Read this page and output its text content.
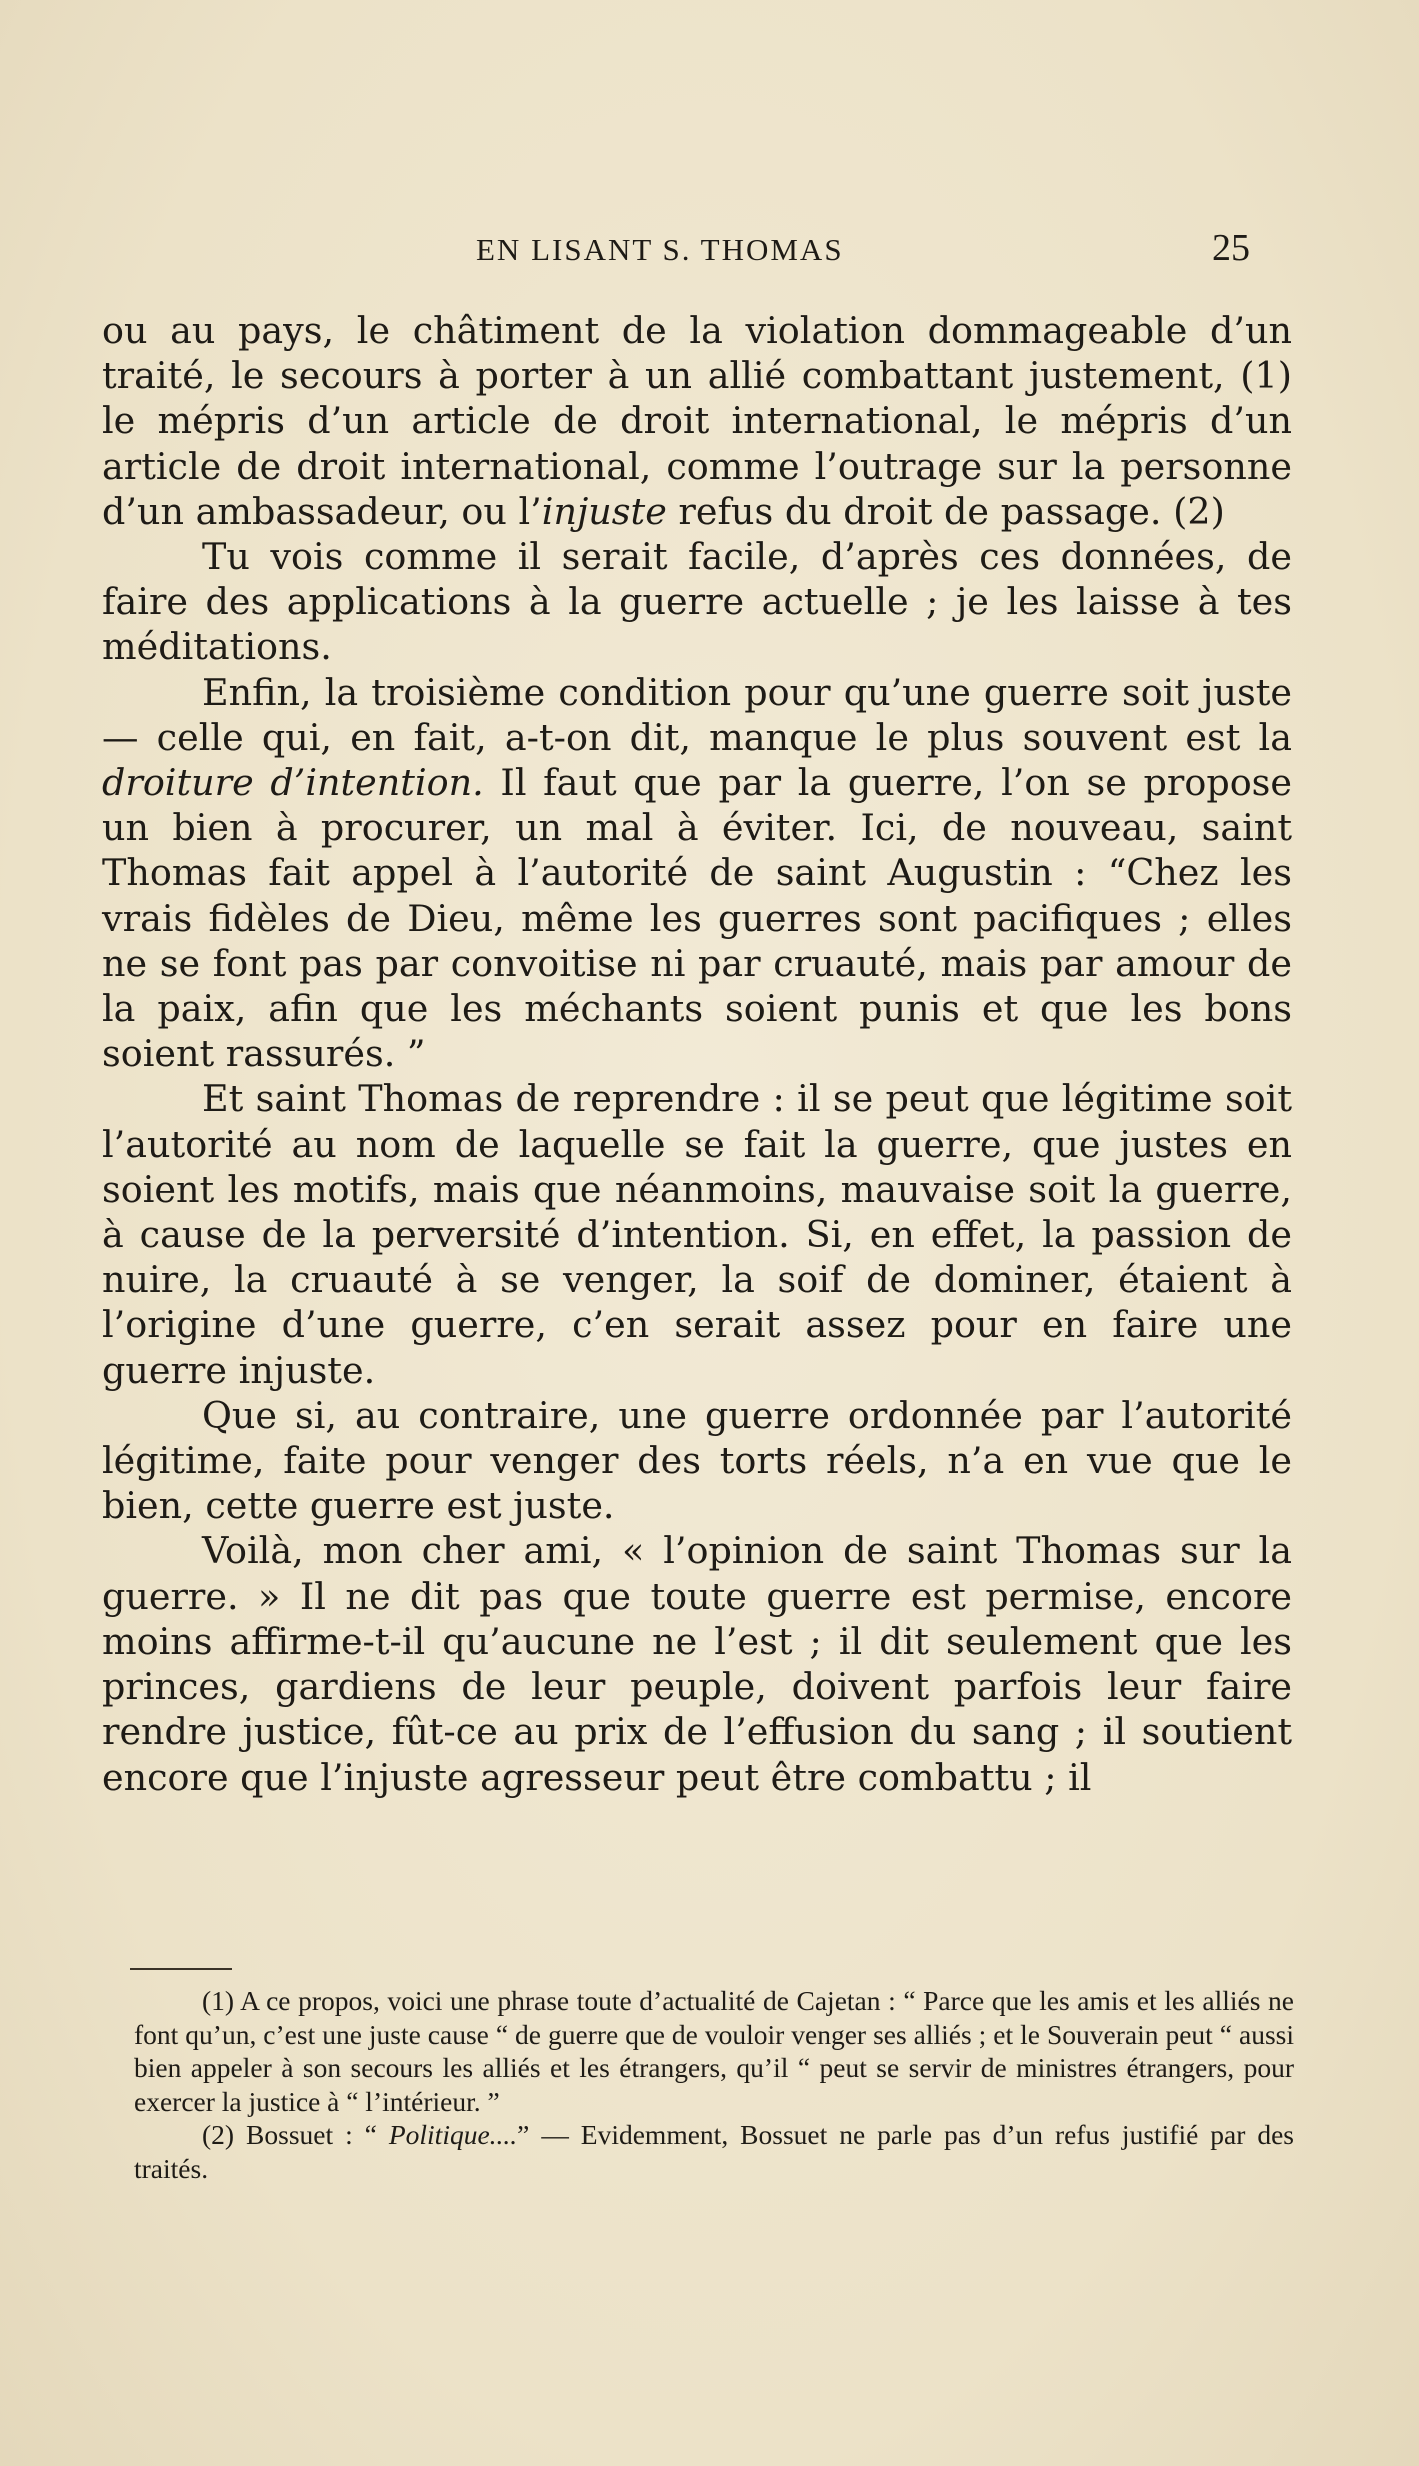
EN LISANT S. THOMAS	25

ou au pays, le châtiment de la violation dommageable d’un traité, le secours à porter à un allié combattant justement, (1) le mépris d’un article de droit international, le mépris d’un article de droit international, comme l’outrage sur la personne d’un ambassadeur, ou l’injuste refus du droit de passage. (2)

Tu vois comme il serait facile, d’après ces données, de faire des applications à la guerre actuelle ; je les laisse à tes méditations.

Enfin, la troisième condition pour qu’une guerre soit juste — celle qui, en fait, a-t-on dit, manque le plus souvent est la droiture d’intention. Il faut que par la guerre, l’on se propose un bien à procurer, un mal à éviter. Ici, de nouveau, saint Thomas fait appel à l’autorité de saint Augustin : “Chez les vrais fidèles de Dieu, même les guerres sont pacifiques ; elles ne se font pas par convoitise ni par cruauté, mais par amour de la paix, afin que les méchants soient punis et que les bons soient rassurés. ”

Et saint Thomas de reprendre : il se peut que légitime soit l’autorité au nom de laquelle se fait la guerre, que justes en soient les motifs, mais que néanmoins, mauvaise soit la guerre, à cause de la perversité d’intention. Si, en effet, la passion de nuire, la cruauté à se venger, la soif de dominer, étaient à l’origine d’une guerre, c’en serait assez pour en faire une guerre injuste.

Que si, au contraire, une guerre ordonnée par l’autorité légitime, faite pour venger des torts réels, n’a en vue que le bien, cette guerre est juste.

Voilà, mon cher ami, « l’opinion de saint Thomas sur la guerre. » Il ne dit pas que toute guerre est permise, encore moins affirme-t-il qu’aucune ne l’est ; il dit seulement que les princes, gardiens de leur peuple, doivent parfois leur faire rendre justice, fût-ce au prix de l’effusion du sang ; il soutient encore que l’injuste agresseur peut être combattu ; il

(1) A ce propos, voici une phrase toute d’actualité de Cajetan : “ Parce que les amis et les alliés ne font qu’un, c’est une juste cause “ de guerre que de vouloir venger ses alliés ; et le Souverain peut “ aussi bien appeler à son secours les alliés et les étrangers, qu’il “ peut se servir de ministres étrangers, pour exercer la justice à “ l’intérieur. ”

(2) Bossuet : “ Politique....” — Evidemment, Bossuet ne parle pas d’un refus justifié par des traités.
